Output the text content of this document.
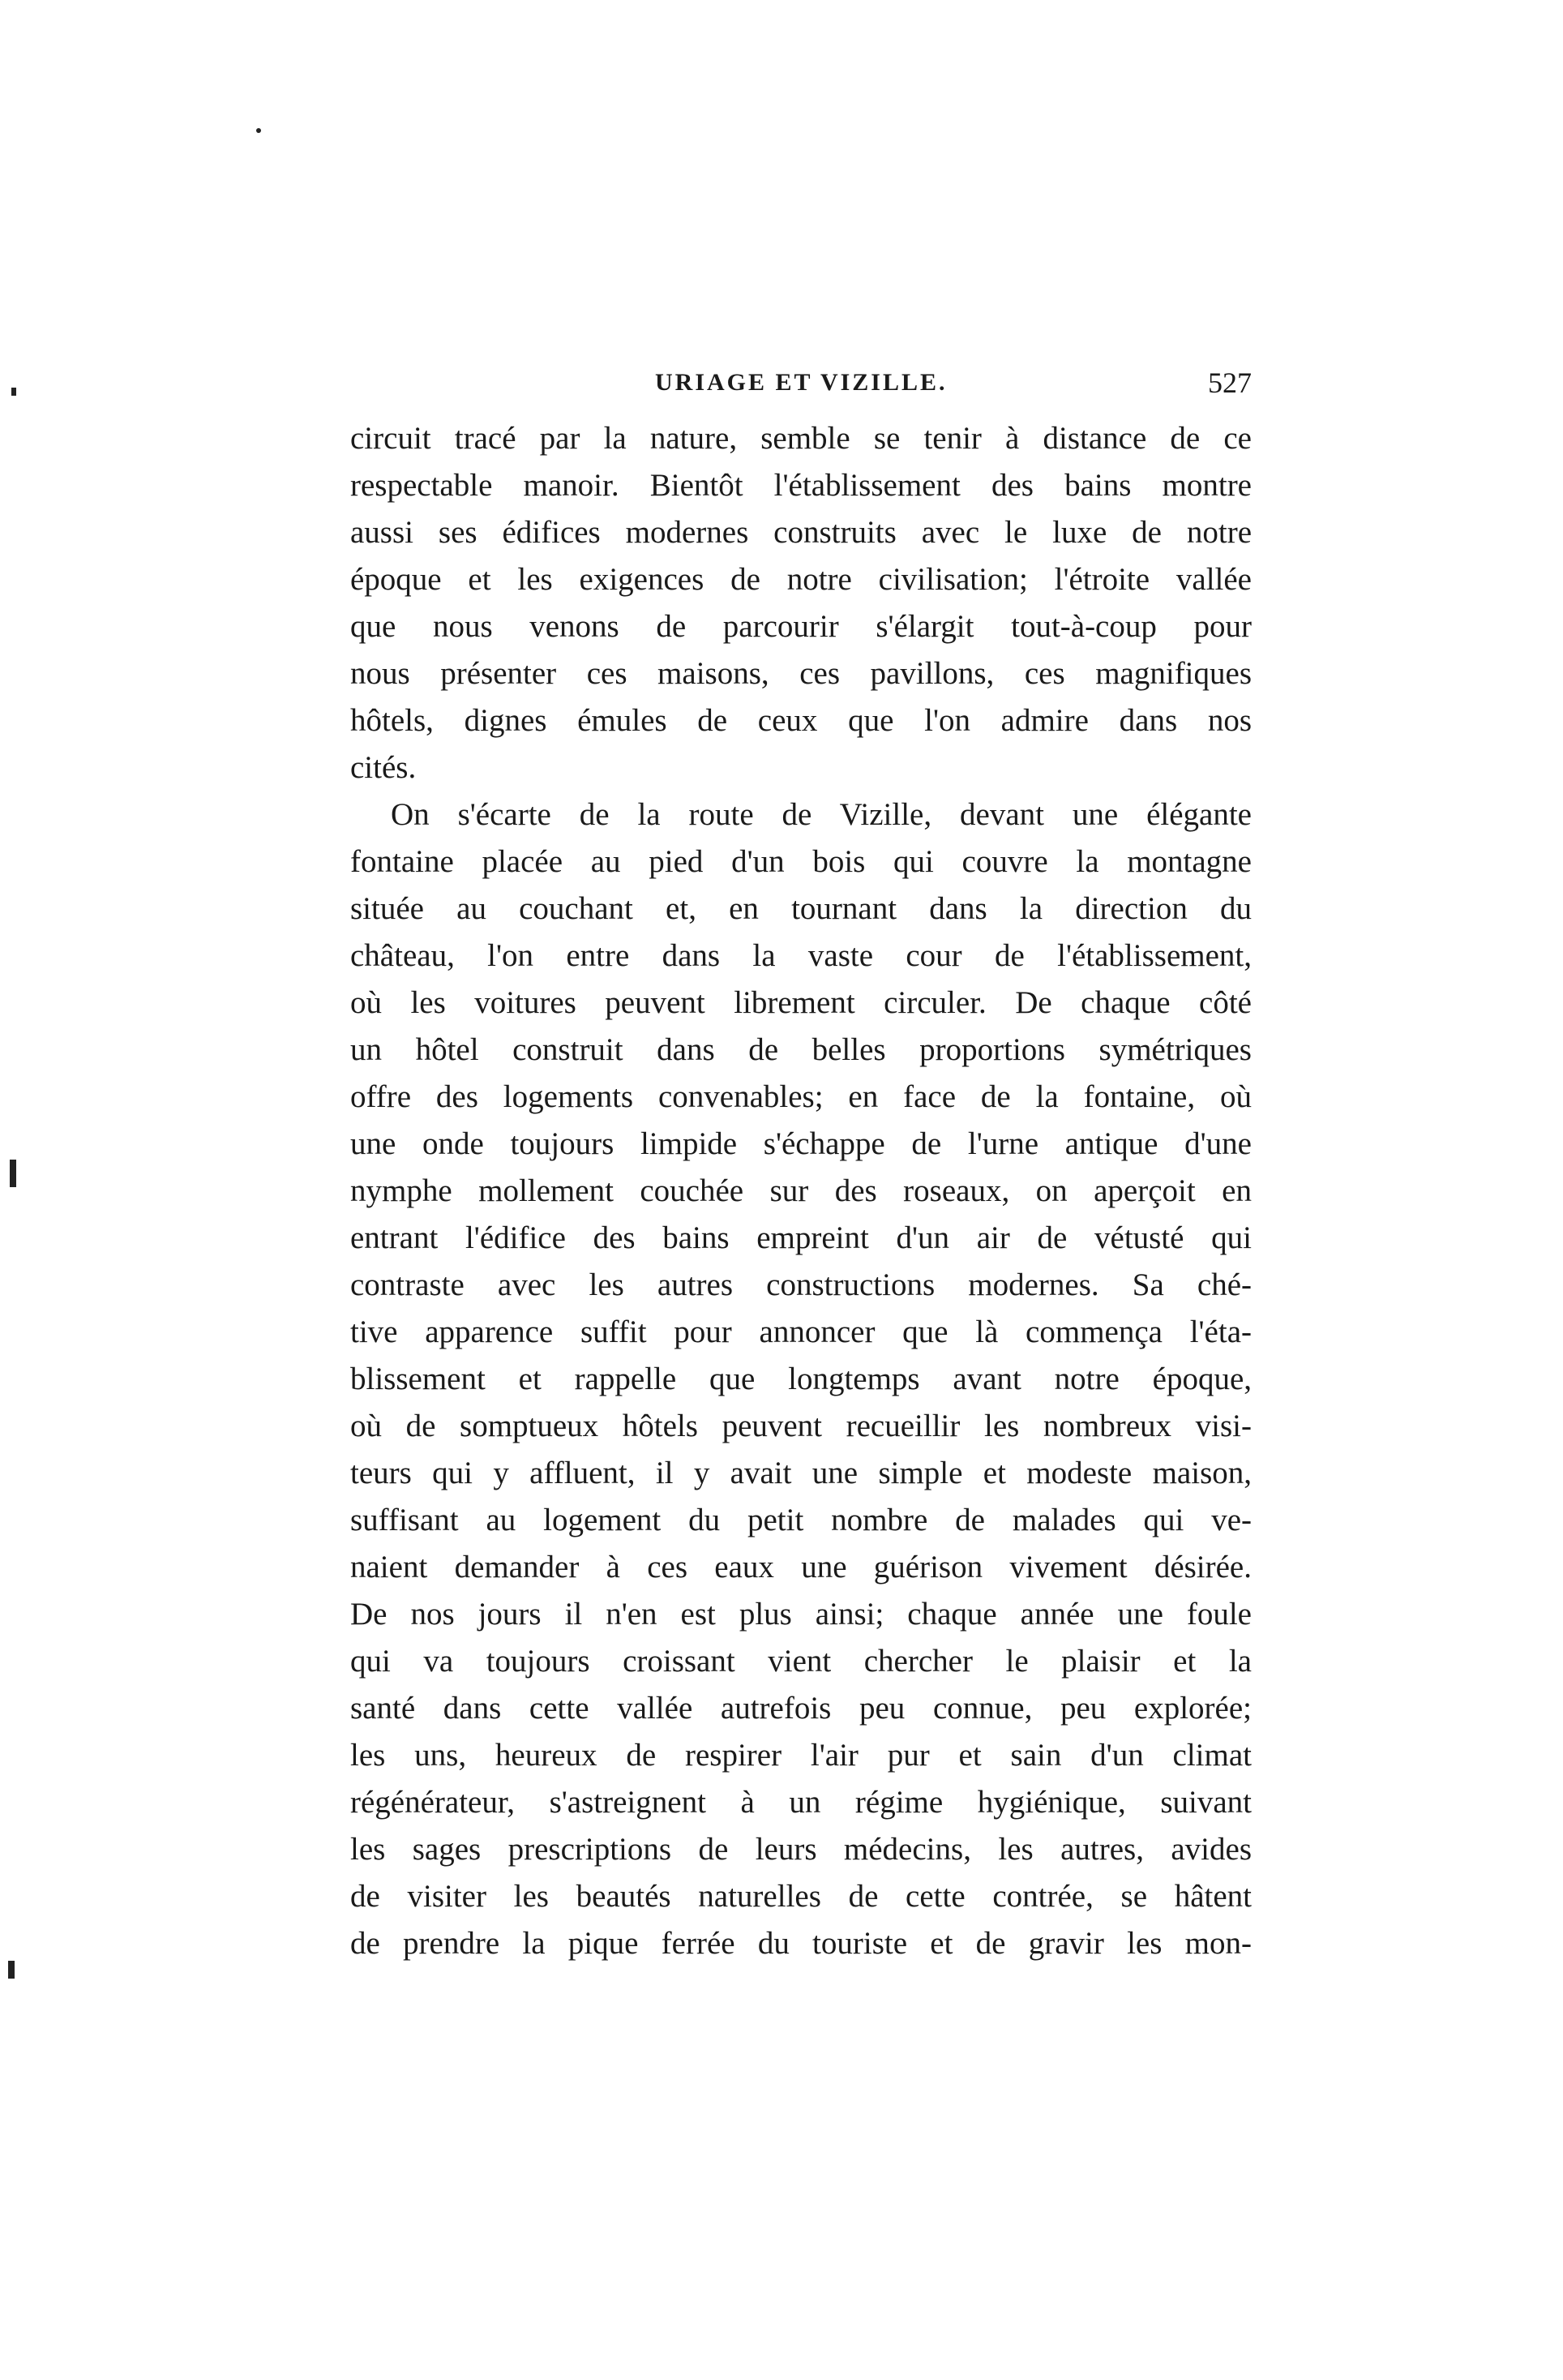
URIAGE ET VIZILLE.	527
circuit tracé par la nature, semble se tenir à distance de ce
respectable manoir. Bientôt l'établissement des bains montre
aussi ses édifices modernes construits avec le luxe de notre
époque et les exigences de notre civilisation; l'étroite vallée
que nous venons de parcourir s'élargit tout-à-coup pour
nous présenter ces maisons, ces pavillons, ces magnifiques
hôtels, dignes émules de ceux que l'on admire dans nos
cités.
On s'écarte de la route de Vizille, devant une élégante
fontaine placée au pied d'un bois qui couvre la montagne
située au couchant et, en tournant dans la direction du
château, l'on entre dans la vaste cour de l'établissement,
où les voitures peuvent librement circuler. De chaque côté
un hôtel construit dans de belles proportions symétriques
offre des logements convenables; en face de la fontaine, où
une onde toujours limpide s'échappe de l'urne antique d'une
nymphe mollement couchée sur des roseaux, on aperçoit en
entrant l'édifice des bains empreint d'un air de vétusté qui
contraste avec les autres constructions modernes. Sa ché-
tive apparence suffit pour annoncer que là commença l'éta-
blissement et rappelle que longtemps avant notre époque,
où de somptueux hôtels peuvent recueillir les nombreux visi-
teurs qui y affluent, il y avait une simple et modeste maison,
suffisant au logement du petit nombre de malades qui ve-
naient demander à ces eaux une guérison vivement désirée.
De nos jours il n'en est plus ainsi; chaque année une foule
qui va toujours croissant vient chercher le plaisir et la
santé dans cette vallée autrefois peu connue, peu explorée;
les uns, heureux de respirer l'air pur et sain d'un climat
régénérateur, s'astreignent à un régime hygiénique, suivant
les sages prescriptions de leurs médecins, les autres, avides
de visiter les beautés naturelles de cette contrée, se hâtent
de prendre la pique ferrée du touriste et de gravir les mon-
